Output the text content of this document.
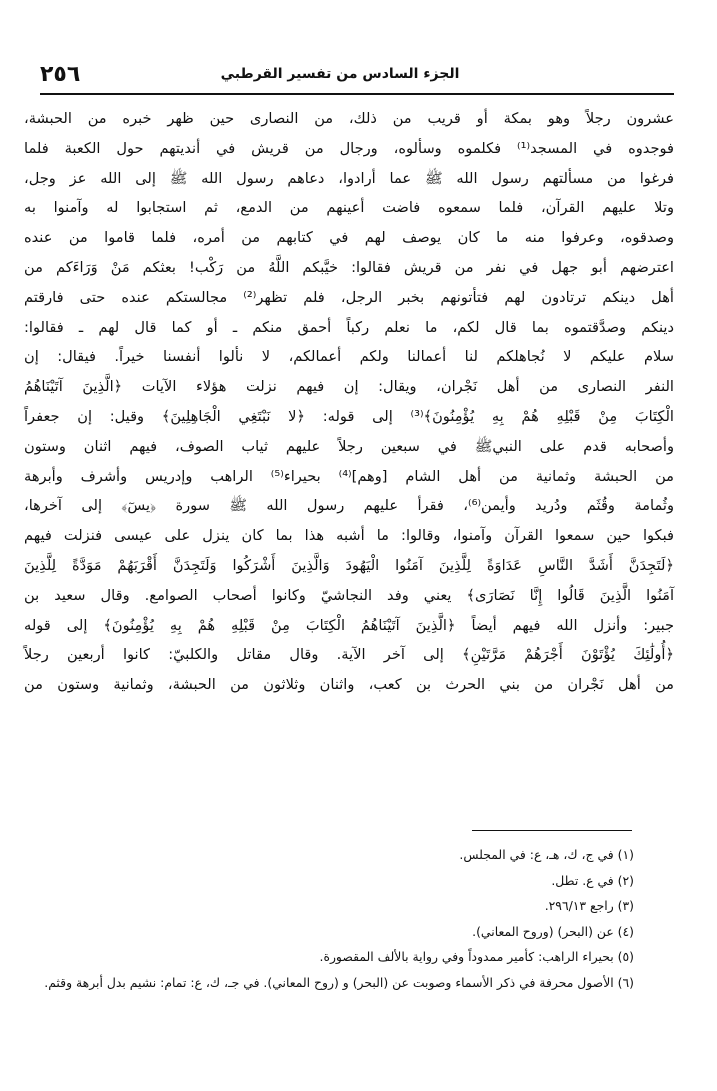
٢٥٦	الجزء السادس من تفسير القرطبي
عشرون رجلاً وهو بمكة أو قريب من ذلك، من النصارى حين ظهر خبره من الحبشة،
فوجدوه في المسجد⁽¹⁾ فكلموه وسألوه، ورجال من قريش في أنديتهم حول الكعبة فلما
فرغوا من مسألتهم رسول الله ﷺ عما أرادوا، دعاهم رسول الله ﷺ إلى الله عز وجل،
وتلا عليهم القرآن، فلما سمعوه فاضت أعينهم من الدمع، ثم استجابوا له وآمنوا به
وصدقوه، وعرفوا منه ما كان يوصف لهم في كتابهم من أمره، فلما قاموا من عنده
اعترضهم أبو جهل في نفر من قريش فقالوا: خيَّبكم اللَّهُ من رَكْب! بعثكم مَنْ وَرَاءَكم من
أهل دينكم ترتادون لهم فتأتونهم بخبر الرجل، فلم تظهر⁽²⁾ مجالستكم عنده حتى فارقتم
دينكم وصدَّقتموه بما قال لكم، ما نعلم ركباً أحمق منكم ـ أو كما قال لهم ـ فقالوا:
سلام عليكم لا نُجاهلكم لنا أعمالنا ولكم أعمالكم، لا نألوا أنفسنا خيراً. فيقال: إن
النفر النصارى من أهل نَجْران، ويقال: إن فيهم نزلت هؤلاء الآيات ﴿الَّذِينَ آتَيْنَاهُمُ
الْكِتَابَ مِنْ قَبْلِهِ هُمْ بِهِ يُؤْمِنُونَ﴾⁽³⁾ إلى قوله: ﴿لا نَبْتَغِي الْجَاهِلِينَ﴾ وقيل: إن جعفراً
وأصحابه قدم على النبيﷺ في سبعين رجلاً عليهم ثياب الصوف، فيهم اثنان وستون
من الحبشة وثمانية من أهل الشام [وهم]⁽⁴⁾ بحيراء⁽⁵⁾ الراهب وإدريس وأشرف وأبرهة
وثُمامة وقُثَم ودُريد وأيمن⁽⁶⁾، فقرأ عليهم رسول الله ﷺ سورة ﴿يسٓ﴾ إلى آخرها،
فبكوا حين سمعوا القرآن وآمنوا، وقالوا: ما أشبه هذا بما كان ينزل على عيسى فنزلت فيهم
﴿لَتَجِدَنَّ أَشَدَّ النَّاسِ عَدَاوَةً لِلَّذِينَ آمَنُوا الْيَهُودَ وَالَّذِينَ أَشْرَكُوا وَلَتَجِدَنَّ أَقْرَبَهُمْ مَوَدَّةً لِلَّذِينَ
آمَنُوا الَّذِينَ قَالُوا إِنَّا نَصَارَى﴾ يعني وفد النجاشيّ وكانوا أصحاب الصوامع. وقال سعيد بن
جبير: وأنزل الله فيهم أيضاً ﴿الَّذِينَ آتَيْنَاهُمُ الْكِتَابَ مِنْ قَبْلِهِ هُمْ بِهِ يُؤْمِنُونَ﴾ إلى قوله
﴿أُولَٰئِكَ يُؤْتَوْنَ أَجْرَهُمْ مَرَّتَيْنِ﴾ إلى آخر الآية. وقال مقاتل والكلبيّ: كانوا أربعين رجلاً
من أهل نَجْران من بني الحرث بن كعب، واثنان وثلاثون من الحبشة، وثمانية وستون من
(١) في ج، ك، هـ، ع: في المجلس.
(٢) في ع. تطل.
(٣) راجع ٢٩٦/١٣.
(٤) عن (البحر) (وروح المعاني).
(٥) بحيراء الراهب: كأمير ممدوداً وفي رواية بالألف المقصورة.
(٦) الأصول محرفة في ذكر الأسماء وصوبت عن (البحر) و (روح المعاني). في جـ، ك، ع: تمام: نشيم بدل أبرهة وقثم.
